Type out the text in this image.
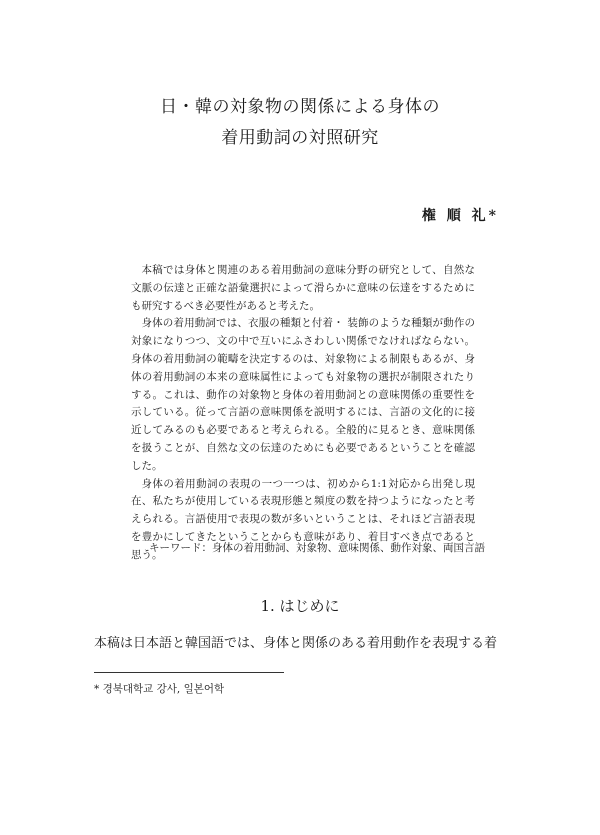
日・韓の対象物の関係による身体の
着用動詞の対照研究
権 順 礼*

本稿では身体と関連のある着用動詞の意味分野の研究として、自然な文脈の伝達と正確な語彙選択によって滑らかに意味の伝達をするためにも研究するべき必要性があると考えた。

身体の着用動詞では、衣服の種類と付着・ 装飾のような種類が動作の対象になりつつ、文の中で互いにふさわしい関係でなければならない。身体の着用動詞の範疇を決定するのは、対象物による制限もあるが、身体の着用動詞の本来の意味属性によっても対象物の選択が制限されたりする。これは、動作の対象物と身体の着用動詞との意味関係の重要性を示している。従って言語の意味関係を説明するには、言語の文化的に接近してみるのも必要であると考えられる。全般的に見るとき、意味関係を扱うことが、自然な文の伝達のためにも必要であるということを確認した。

身体の着用動詞の表現の一つ一つは、初めから1:1対応から出発し現在、私たちが使用している表現形態と頻度の数を持つようになったと考えられる。言語使用で表現の数が多いということは、それほど言語表現を豊かにしてきたということからも意味があり、着目すべき点であると思う。

キーワード：身体の着用動詞、対象物、意味関係、動作対象、両国言語
1. はじめに
本稿は日本語と韓国語では、身体と関係のある着用動作を表現する着
* 경북대학교 강사, 일본어학
